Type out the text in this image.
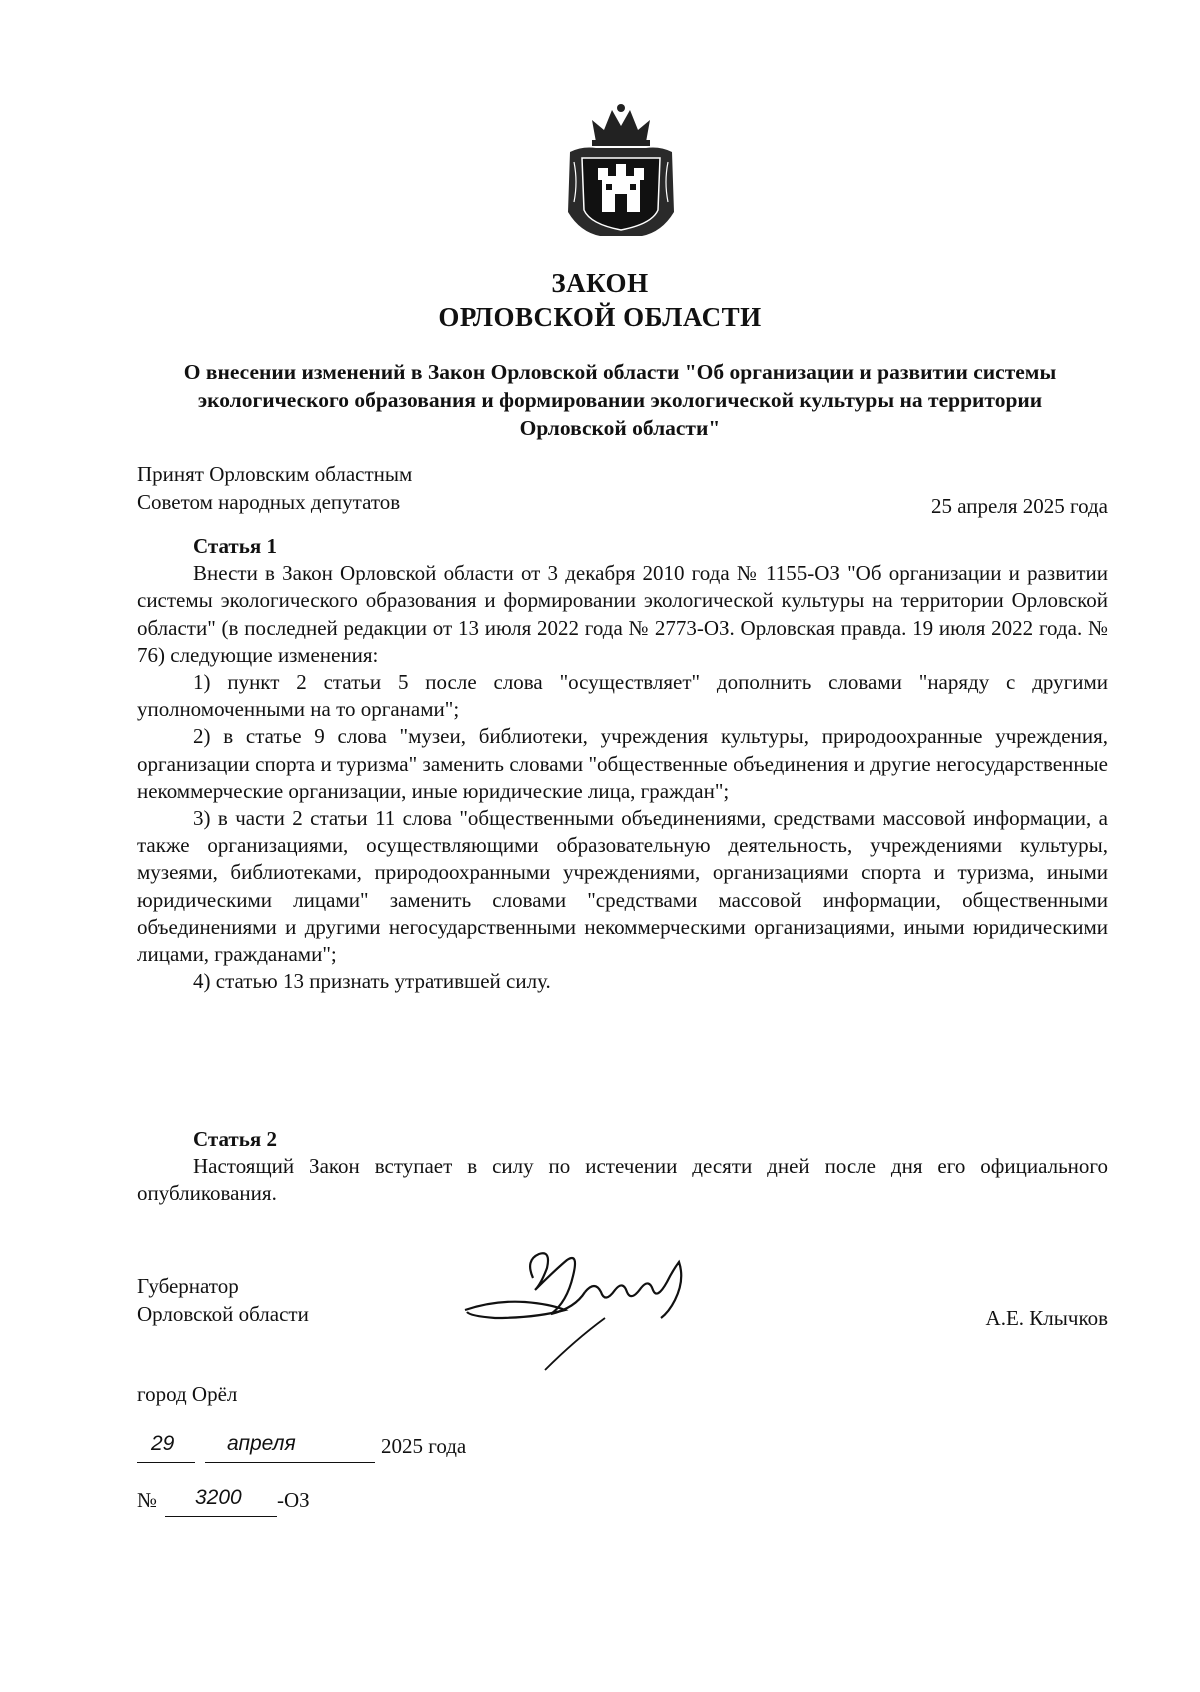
ЗАКОН
ОРЛОВСКОЙ ОБЛАСТИ
О внесении изменений в Закон Орловской области "Об организации и развитии системы экологического образования и формировании экологической культуры на территории Орловской области"
Принят Орловским областным
Советом народных депутатов	25 апреля 2025 года
Статья 1

Внести в Закон Орловской области от 3 декабря 2010 года № 1155-ОЗ "Об организации и развитии системы экологического образования и формировании экологической культуры на территории Орловской области" (в последней редакции от 13 июля 2022 года № 2773-ОЗ. Орловская правда. 19 июля 2022 года. № 76) следующие изменения:

1) пункт 2 статьи 5 после слова "осуществляет" дополнить словами "наряду с другими уполномоченными на то органами";

2) в статье 9 слова "музеи, библиотеки, учреждения культуры, природоохранные учреждения, организации спорта и туризма" заменить словами "общественные объединения и другие негосударственные некоммерческие организации, иные юридические лица, граждан";

3) в части 2 статьи 11 слова "общественными объединениями, средствами массовой информации, а также организациями, осуществляющими образовательную деятельность, учреждениями культуры, музеями, библиотеками, природоохранными учреждениями, организациями спорта и туризма, иными юридическими лицами" заменить словами "средствами массовой информации, общественными объединениями и другими негосударственными некоммерческими организациями, иными юридическими лицами, гражданами";

4) статью 13 признать утратившей силу.

Статья 2

Настоящий Закон вступает в силу по истечении десяти дней после дня его официального опубликования.

Губернатор
Орловской области	А.Е. Клычков
город Орёл
29	апреля	2025 года
№ 3200 -ОЗ
